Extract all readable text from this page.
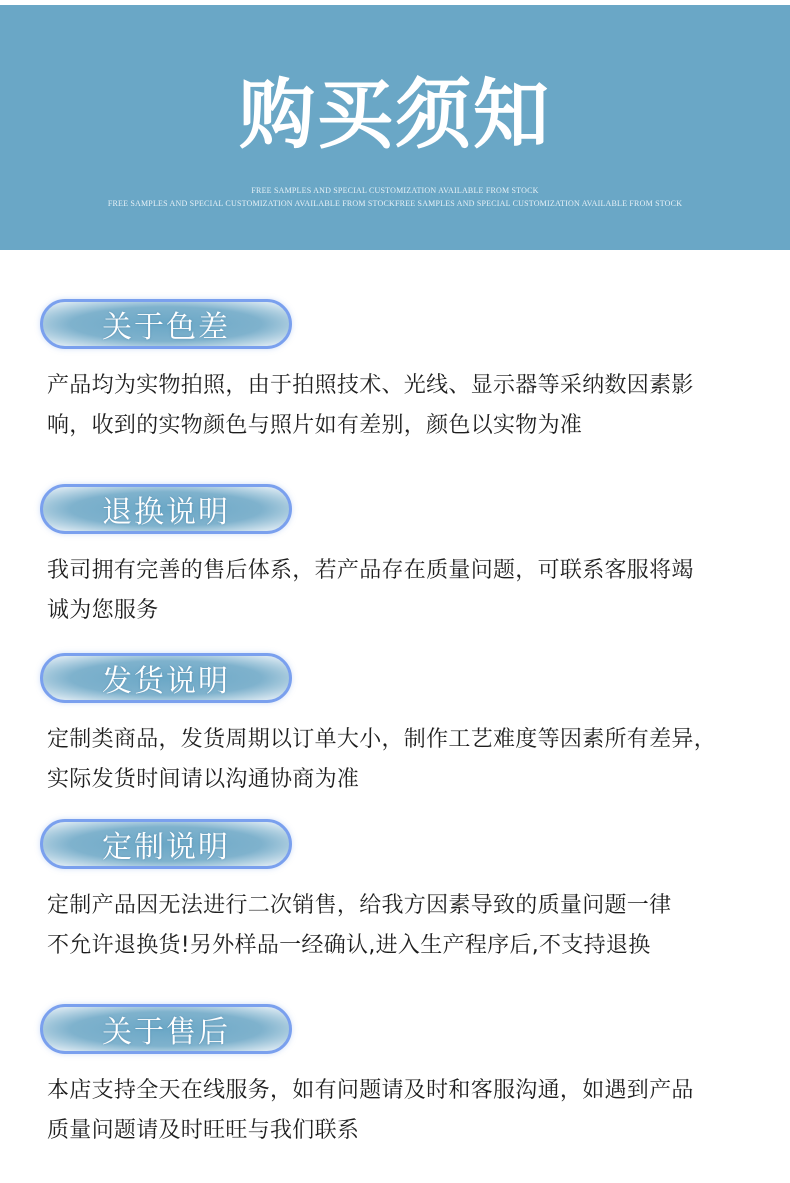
购买须知
FREE SAMPLES AND SPECIAL CUSTOMIZATION AVAILABLE FROM STOCK
FREE SAMPLES AND SPECIAL CUSTOMIZATION AVAILABLE FROM STOCKFREE SAMPLES AND SPECIAL CUSTOMIZATION AVAILABLE FROM STOCK
关于色差
产品均为实物拍照，由于拍照技术、光线、显示器等采纳数因素影
响，收到的实物颜色与照片如有差别，颜色以实物为准
退换说明
我司拥有完善的售后体系，若产品存在质量问题，可联系客服将竭
诚为您服务
发货说明
定制类商品，发货周期以订单大小，制作工艺难度等因素所有差异，
实际发货时间请以沟通协商为准
定制说明
定制产品因无法进行二次销售，给我方因素导致的质量问题一律
不允许退换货!另外样品一经确认,进入生产程序后,不支持退换
关于售后
本店支持全天在线服务，如有问题请及时和客服沟通，如遇到产品
质量问题请及时旺旺与我们联系
